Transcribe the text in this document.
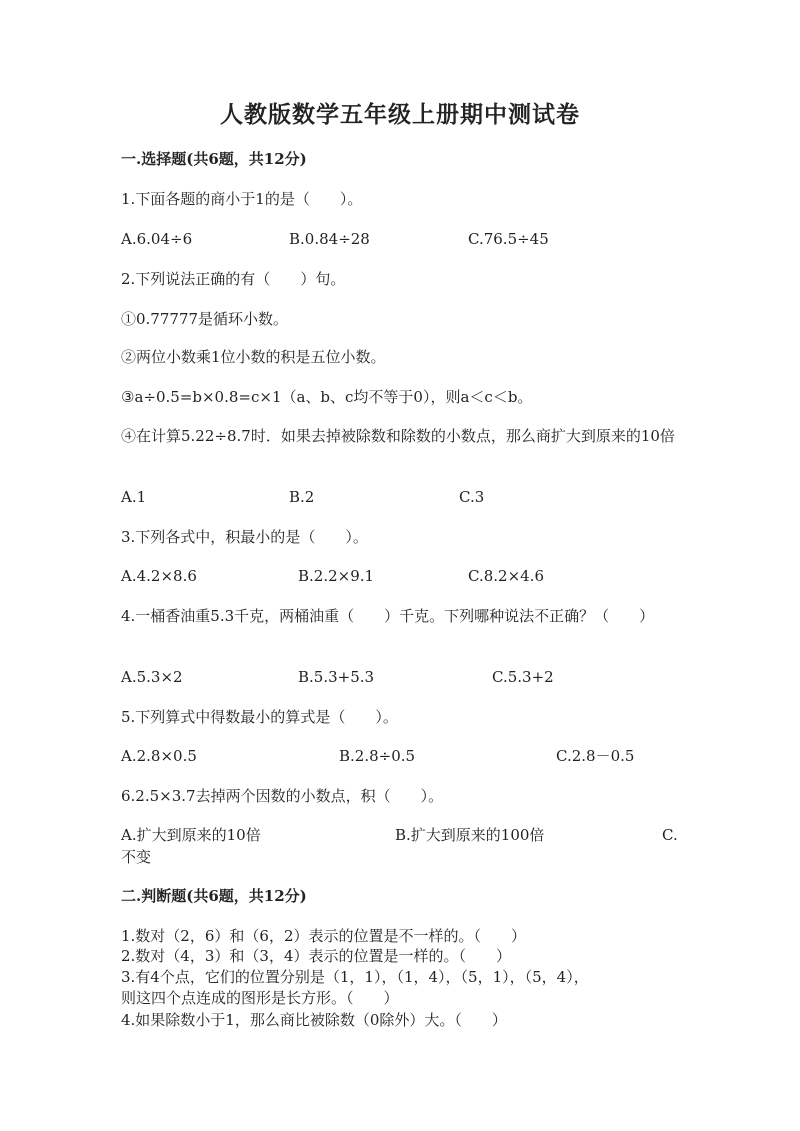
人教版数学五年级上册期中测试卷
一.选择题(共6题，共12分)
1.下面各题的商小于1的是（　　）。
A.6.04÷6	B.0.84÷28	C.76.5÷45
2.下列说法正确的有（　　）句。
①0.77777是循环小数。
②两位小数乘1位小数的积是五位小数。
③a÷0.5=b×0.8=c×1（a、b、c均不等于0），则a＜c＜b。
④在计算5.22÷8.7时．如果去掉被除数和除数的小数点，那么商扩大到原来的10倍
A.1	B.2	C.3
3.下列各式中，积最小的是（　　）。
A.4.2×8.6	B.2.2×9.1	C.8.2×4.6
4.一桶香油重5.3千克，两桶油重（　　）千克。下列哪种说法不正确？（　　）
A.5.3×2	B.5.3+5.3	C.5.3+2
5.下列算式中得数最小的算式是（　　）。
A.2.8×0.5	B.2.8÷0.5	C.2.8－0.5
6.2.5×3.7去掉两个因数的小数点，积（　　）。
A.扩大到原来的10倍	B.扩大到原来的100倍	C.
不变
二.判断题(共6题，共12分)
1.数对（2，6）和（6，2）表示的位置是不一样的。（　　）
2.数对（4，3）和（3，4）表示的位置是一样的。（　　）
3.有4个点，它们的位置分别是（1，1），（1，4），（5，1），（5，4），
则这四个点连成的图形是长方形。（　　）
4.如果除数小于1，那么商比被除数（0除外）大。（　　）
